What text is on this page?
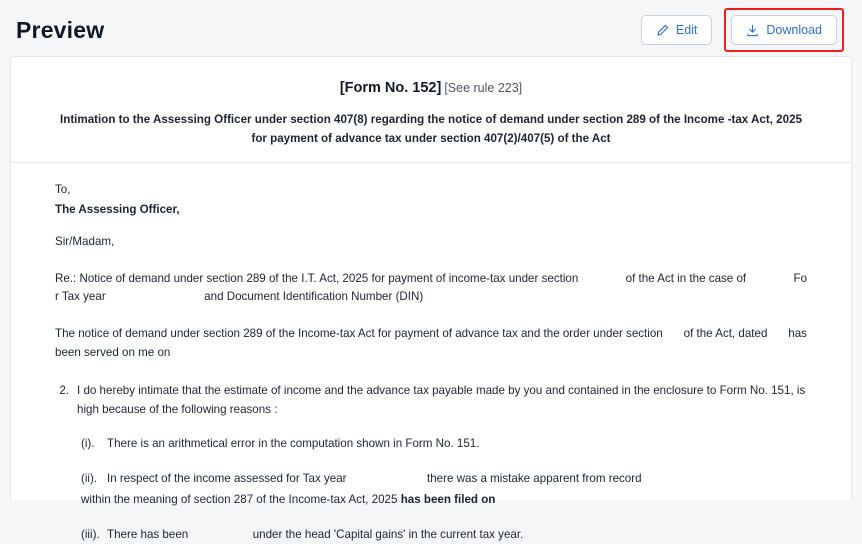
Preview	Edit	Download
[Form No. 152] [See rule 223]
Intimation to the Assessing Officer under section 407(8) regarding the notice of demand under section 289 of the Income -tax Act, 2025 for payment of advance tax under section 407(2)/407(5) of the Act
To,
The Assessing Officer,
Sir/Madam,
Re.: Notice of demand under section 289 of the I.T. Act, 2025 for payment of income-tax under section	of the Act in the case of	Fo
r Tax year	and Document Identification Number (DIN)
The notice of demand under section 289 of the Income-tax Act for payment of advance tax and the order under section of the Act, dated has
been served on me on
2. I do hereby intimate that the estimate of income and the advance tax payable made by you and contained in the enclosure to Form No. 151, is high because of the following reasons :
(i).	There is an arithmetical error in the computation shown in Form No. 151.
(ii). In respect of the income assessed for Tax year	there was a mistake apparent from record
within the meaning of section 287 of the Income-tax Act, 2025 has been filed on
(iii). There has been	under the head 'Capital gains' in the current tax year.
